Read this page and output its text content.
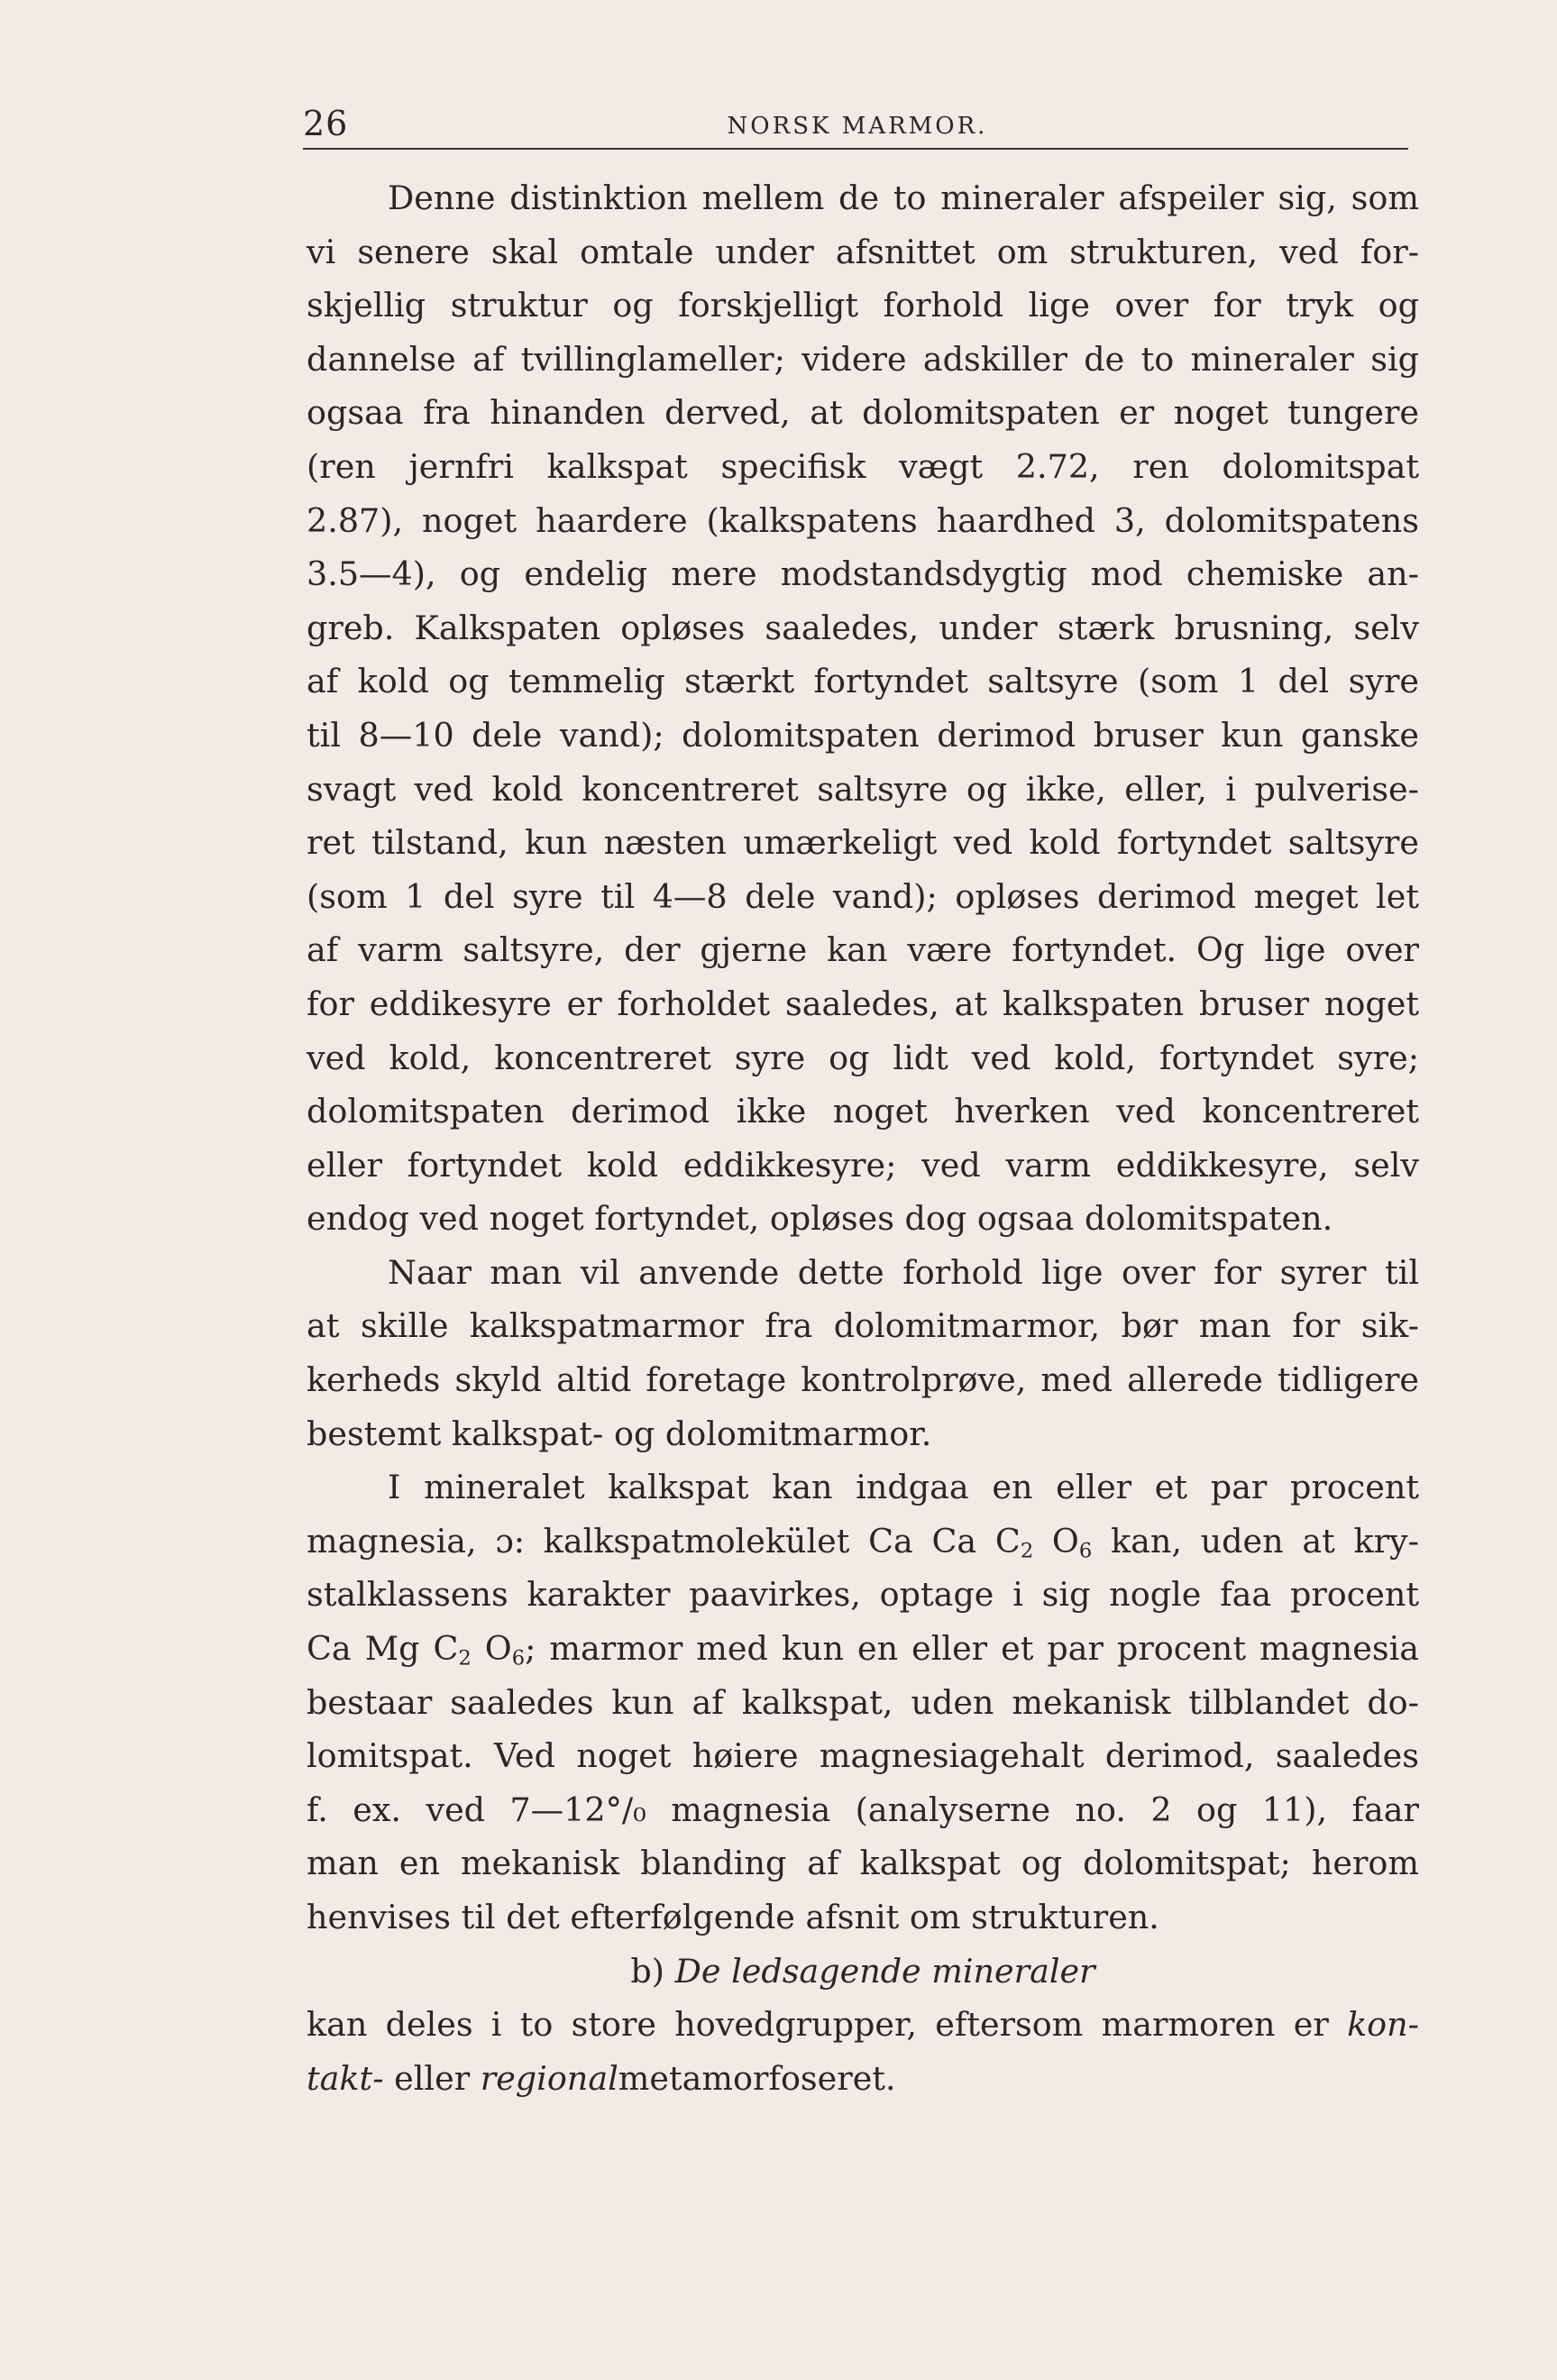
26	NORSK MARMOR.
Denne distinktion mellem de to mineraler afspeiler sig, som
vi senere skal omtale under afsnittet om strukturen, ved for-
skjellig struktur og forskjelligt forhold lige over for tryk og
dannelse af tvillinglameller; videre adskiller de to mineraler sig
ogsaa fra hinanden derved, at dolomitspaten er noget tungere
(ren jernfri kalkspat specifisk vægt 2.72, ren dolomitspat
2.87), noget haardere (kalkspatens haardhed 3, dolomitspatens
3.5—4), og endelig mere modstandsdygtig mod chemiske an-
greb. Kalkspaten opløses saaledes, under stærk brusning, selv
af kold og temmelig stærkt fortyndet saltsyre (som 1 del syre
til 8—10 dele vand); dolomitspaten derimod bruser kun ganske
svagt ved kold koncentreret saltsyre og ikke, eller, i pulverise-
ret tilstand, kun næsten umærkeligt ved kold fortyndet saltsyre
(som 1 del syre til 4—8 dele vand); opløses derimod meget let
af varm saltsyre, der gjerne kan være fortyndet. Og lige over
for eddikesyre er forholdet saaledes, at kalkspaten bruser noget
ved kold, koncentreret syre og lidt ved kold, fortyndet syre;
dolomitspaten derimod ikke noget hverken ved koncentreret
eller fortyndet kold eddikkesyre; ved varm eddikkesyre, selv
endog ved noget fortyndet, opløses dog ogsaa dolomitspaten.
Naar man vil anvende dette forhold lige over for syrer til
at skille kalkspatmarmor fra dolomitmarmor, bør man for sik-
kerheds skyld altid foretage kontrolprøve, med allerede tidligere
bestemt kalkspat- og dolomitmarmor.
I mineralet kalkspat kan indgaa en eller et par procent
magnesia, ɔ: kalkspatmolekület Ca Ca $C_2$ $O_6$ kan, uden at kry-
stalklassens karakter paavirkes, optage i sig nogle faa procent
Ca Mg $C_2$ $O_6$; marmor med kun en eller et par procent magnesia
bestaar saaledes kun af kalkspat, uden mekanisk tilblandet do-
lomitspat. Ved noget høiere magnesiagehalt derimod, saaledes
f. ex. ved 7—12°/₀ magnesia (analyserne no. 2 og 11), faar
man en mekanisk blanding af kalkspat og dolomitspat; herom
henvises til det efterfølgende afsnit om strukturen.
b) De ledsagende mineraler
kan deles i to store hovedgrupper, eftersom marmoren er kon-
takt- eller regionalmetamorfoseret.
